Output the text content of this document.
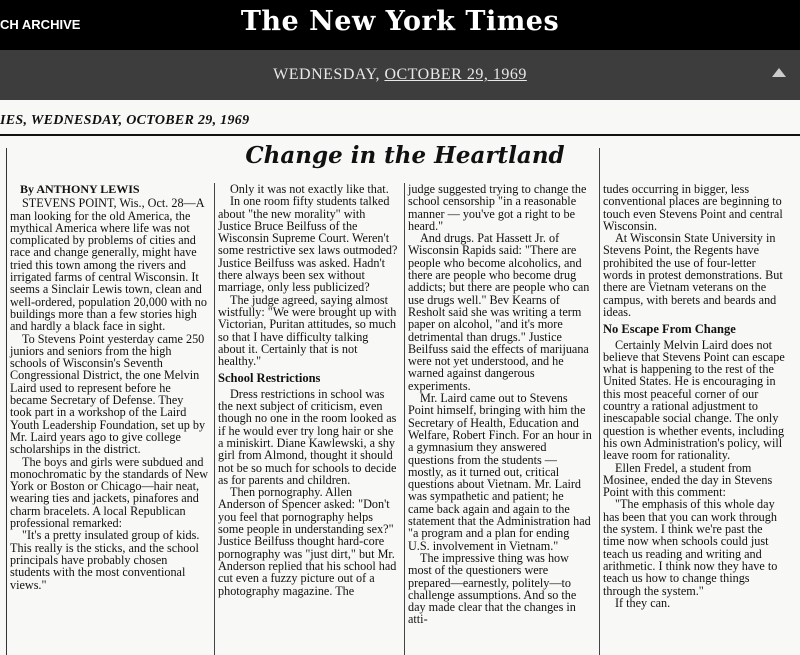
CH ARCHIVE	The New York Times
WEDNESDAY, OCTOBER 29, 1969
IES, WEDNESDAY, OCTOBER 29, 1969
Change in the Heartland
By ANTHONY LEWIS

STEVENS POINT, Wis., Oct. 28—A man looking for the old America, the mythical America where life was not complicated by problems of cities and race and change generally, might have tried this town among the rivers and irrigated farms of central Wisconsin. It seems a Sinclair Lewis town, clean and well-ordered, population 20,000 with no buildings more than a few stories high and hardly a black face in sight.

To Stevens Point yesterday came 250 juniors and seniors from the high schools of Wisconsin's Seventh Congressional District, the one Melvin Laird used to represent before he became Secretary of Defense. They took part in a workshop of the Laird Youth Leadership Foundation, set up by Mr. Laird years ago to give college scholarships in the district.

The boys and girls were subdued and monochromatic by the standards of New York or Boston or Chicago—hair neat, wearing ties and jackets, pinafores and charm bracelets. A local Republican professional remarked:

"It's a pretty insulated group of kids. This really is the sticks, and the school principals have probably chosen students with the most conventional views."

Only it was not exactly like that.

In one room fifty students talked about "the new morality" with Justice Bruce Beilfuss of the Wisconsin Supreme Court. Weren't some restrictive sex laws outmoded? Justice Beilfuss was asked. Hadn't there always been sex without marriage, only less publicized?

The judge agreed, saying almost wistfully: "We were brought up with Victorian, Puritan attitudes, so much so that I have difficulty talking about it. Certainly that is not healthy."

School Restrictions

Dress restrictions in school was the next subject of criticism, even though no one in the room looked as if he would ever try long hair or she a miniskirt. Diane Kawlewski, a shy girl from Almond, thought it should not be so much for schools to decide as for parents and children.

Then pornography. Allen Anderson of Spencer asked: "Don't you feel that pornography helps some people in understanding sex?" Justice Beilfuss thought hard-core pornography was "just dirt," but Mr. Anderson replied that his school had cut even a fuzzy picture out of a photography magazine. The

judge suggested trying to change the school censorship "in a reasonable manner — you've got a right to be heard."

And drugs. Pat Hassett Jr. of Wisconsin Rapids said: "There are people who become alcoholics, and there are people who become drug addicts; but there are people who can use drugs well." Bev Kearns of Resholt said she was writing a term paper on alcohol, "and it's more detrimental than drugs." Justice Beilfuss said the effects of marijuana were not yet understood, and he warned against dangerous experiments.

Mr. Laird came out to Stevens Point himself, bringing with him the Secretary of Health, Education and Welfare, Robert Finch. For an hour in a gymnasium they answered questions from the students — mostly, as it turned out, critical questions about Vietnam. Mr. Laird was sympathetic and patient; he came back again and again to the statement that the Administration had "a program and a plan for ending U.S. involvement in Vietnam."

The impressive thing was how most of the questioners were prepared—earnestly, politely—to challenge assumptions. And so the day made clear that the changes in atti-

tudes occurring in bigger, less conventional places are beginning to touch even Stevens Point and central Wisconsin.

At Wisconsin State University in Stevens Point, the Regents have prohibited the use of four-letter words in protest demonstrations. But there are Vietnam veterans on the campus, with berets and beards and ideas.

No Escape From Change

Certainly Melvin Laird does not believe that Stevens Point can escape what is happening to the rest of the United States. He is encouraging in this most peaceful corner of our country a rational adjustment to inescapable social change. The only question is whether events, including his own Administration's policy, will leave room for rationality.

Ellen Fredel, a student from Mosinee, ended the day in Stevens Point with this comment:

"The emphasis of this whole day has been that you can work through the system. I think we're past the time now when schools could just teach us reading and writing and arithmetic. I think now they have to teach us how to change things through the system."

If they can.
